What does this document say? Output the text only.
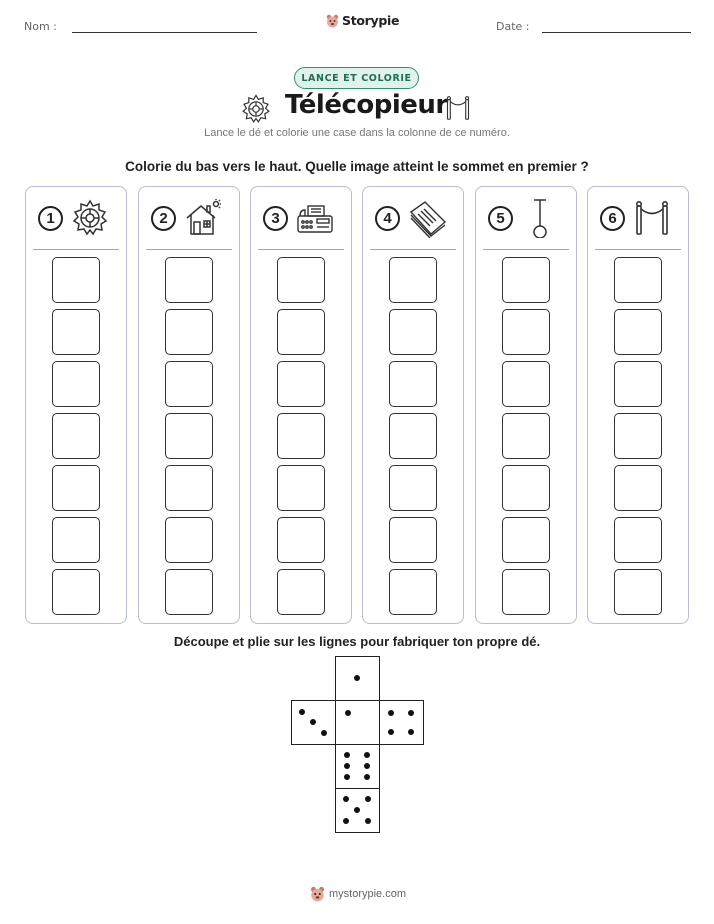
Nom :	Storypie	Date :
LANCE ET COLORIE
Télécopieur
Lance le dé et colorie une case dans la colonne de ce numéro.
Colorie du bas vers le haut. Quelle image atteint le sommet en premier ?
1	2	3	4	5	6
Découpe et plie sur les lignes pour fabriquer ton propre dé.
mystorypie.com
